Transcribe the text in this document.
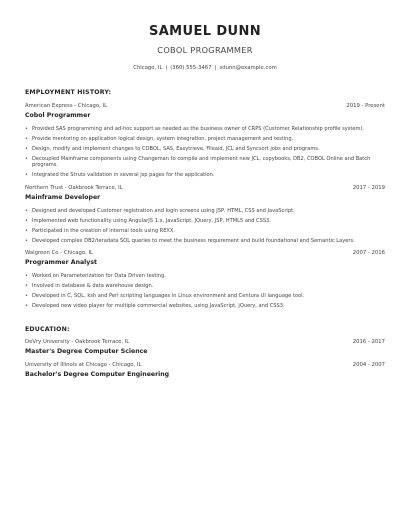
SAMUEL DUNN
COBOL PROGRAMMER
Chicago, IL | (360) 555-3467 | sdunn@example.com
EMPLOYMENT HISTORY:
American Express - Chicago, IL	2019 - Present
Cobol Programmer
• Provided SAS programming and ad-hoc support as needed as the business owner of CRPS (Customer Relationship profile system).
• Provide mentoring on application logical design, system integration, project management and testing.
• Design, modify and implement changes to COBOL, SAS, Easytrieve, Fileaid, JCL and Syncsort jobs and programs.
• Decoupled Mainframe components using Changeman to compile and implement new JCL, copybooks, DB2, COBOL Online and Batch programs.
• Integrated the Struts validation in several jsp pages for the application.
Northern Trust - Oakbrook Terrace, IL	2017 - 2019
Mainframe Developer
• Designed and developed Customer registration and login screens using JSP, HTML, CSS and JavaScript.
• Implemented web functionality using AngularJS 1.x, JavaScript, JQuery, JSP, HTML5 and CSS3.
• Participated in the creation of internal tools using REXX.
• Developed complex DB2/teradata SQL queries to meet the business requirement and build foundational and Semantic Layers.
Walgreen Co - Chicago, IL	2007 - 2016
Programmer Analyst
• Worked on Parameterization for Data Driven testing.
• Involved in database & data warehouse design.
• Developed in C, SQL, ksh and Perl scripting languages in Linux environment and Centura UI language tool.
• Developed new video player for multiple commercial websites, using JavaScript, jQuery, and CSS3.
EDUCATION:
DeVry University - Oakbrook Terrace, IL	2016 - 2017
Master's Degree Computer Science
University of Illinois at Chicago - Chicago, IL	2004 - 2007
Bachelor's Degree Computer Engineering
